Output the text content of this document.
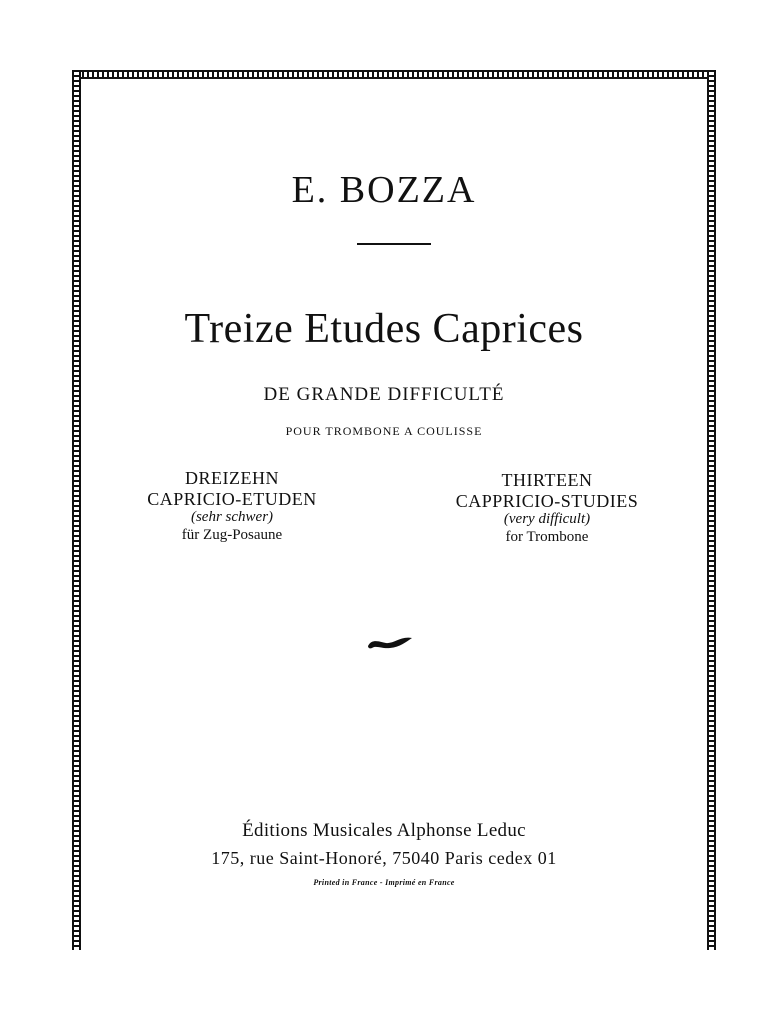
E. BOZZA
Treize Etudes Caprices
DE GRANDE DIFFICULTÉ
POUR TROMBONE A COULISSE
DREIZEHN
CAPRICIO-ETUDEN
(sehr schwer)
für Zug-Posaune
THIRTEEN
CAPPRICIO-STUDIES
(very difficult)
for Trombone
Éditions Musicales Alphonse Leduc
175, rue Saint-Honoré, 75040 Paris cedex 01
Printed in France - Imprimé en France
